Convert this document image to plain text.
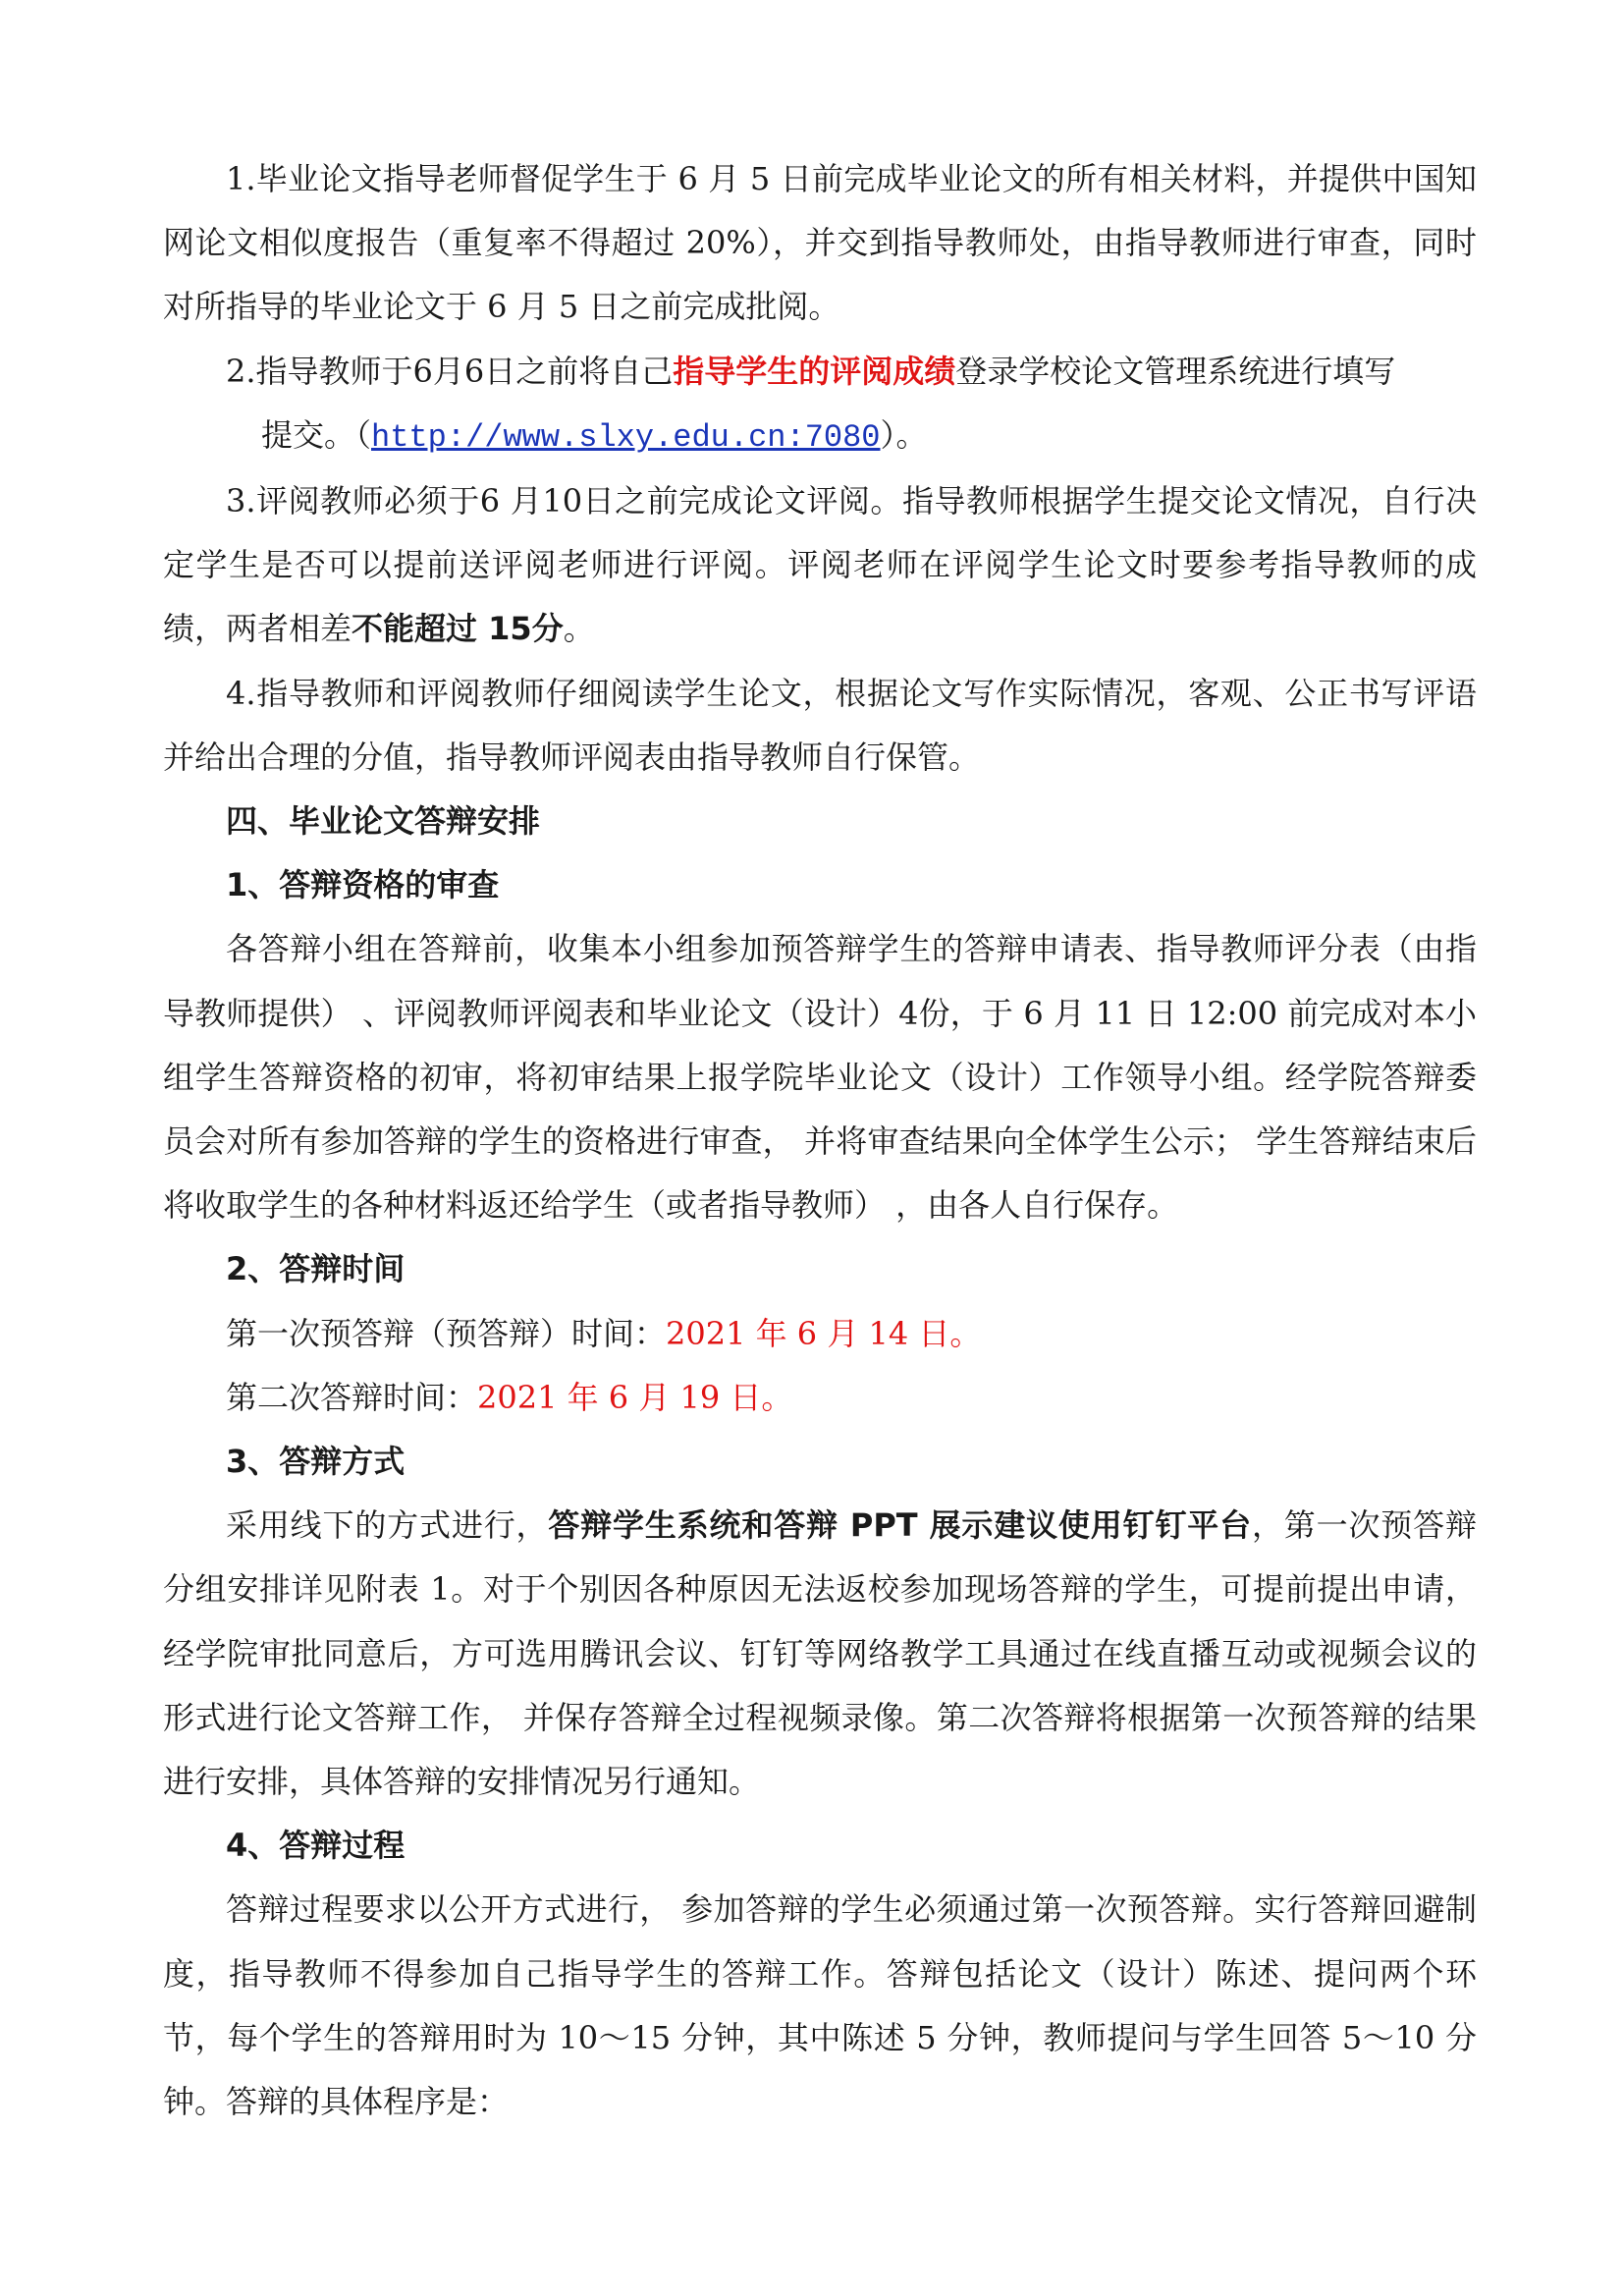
1.毕业论文指导老师督促学生于 6 月 5 日前完成毕业论文的所有相关材料，并提供中国知网论文相似度报告（重复率不得超过 20%），并交到指导教师处，由指导教师进行审查，同时对所指导的毕业论文于 6 月 5 日之前完成批阅。

2.指导教师于6月6日之前将自己指导学生的评阅成绩登录学校论文管理系统进行填写

提交。（http://www.slxy.edu.cn:7080）。

3.评阅教师必须于6 月10日之前完成论文评阅。指导教师根据学生提交论文情况，自行决定学生是否可以提前送评阅老师进行评阅。评阅老师在评阅学生论文时要参考指导教师的成绩，两者相差不能超过 15分。

4.指导教师和评阅教师仔细阅读学生论文，根据论文写作实际情况，客观、公正书写评语并给出合理的分值，指导教师评阅表由指导教师自行保管。

四、毕业论文答辩安排

1、答辩资格的审查

各答辩小组在答辩前，收集本小组参加预答辩学生的答辩申请表、指导教师评分表（由指导教师提供） 、评阅教师评阅表和毕业论文（设计）4份，于 6 月 11 日 12:00 前完成对本小组学生答辩资格的初审，将初审结果上报学院毕业论文（设计）工作领导小组。经学院答辩委员会对所有参加答辩的学生的资格进行审查， 并将审查结果向全体学生公示； 学生答辩结束后将收取学生的各种材料返还给学生（或者指导教师） ，由各人自行保存。

2、答辩时间

第一次预答辩（预答辩）时间：2021 年 6 月 14 日。

第二次答辩时间：2021 年 6 月 19 日。

3、答辩方式

采用线下的方式进行，答辩学生系统和答辩 PPT 展示建议使用钉钉平台，第一次预答辩分组安排详见附表 1。对于个别因各种原因无法返校参加现场答辩的学生，可提前提出申请，经学院审批同意后，方可选用腾讯会议、钉钉等网络教学工具通过在线直播互动或视频会议的形式进行论文答辩工作， 并保存答辩全过程视频录像。第二次答辩将根据第一次预答辩的结果进行安排，具体答辩的安排情况另行通知。

4、答辩过程

答辩过程要求以公开方式进行， 参加答辩的学生必须通过第一次预答辩。实行答辩回避制度，指导教师不得参加自己指导学生的答辩工作。答辩包括论文（设计）陈述、提问两个环节，每个学生的答辩用时为 10～15 分钟，其中陈述 5 分钟，教师提问与学生回答 5～10 分钟。答辩的具体程序是：
